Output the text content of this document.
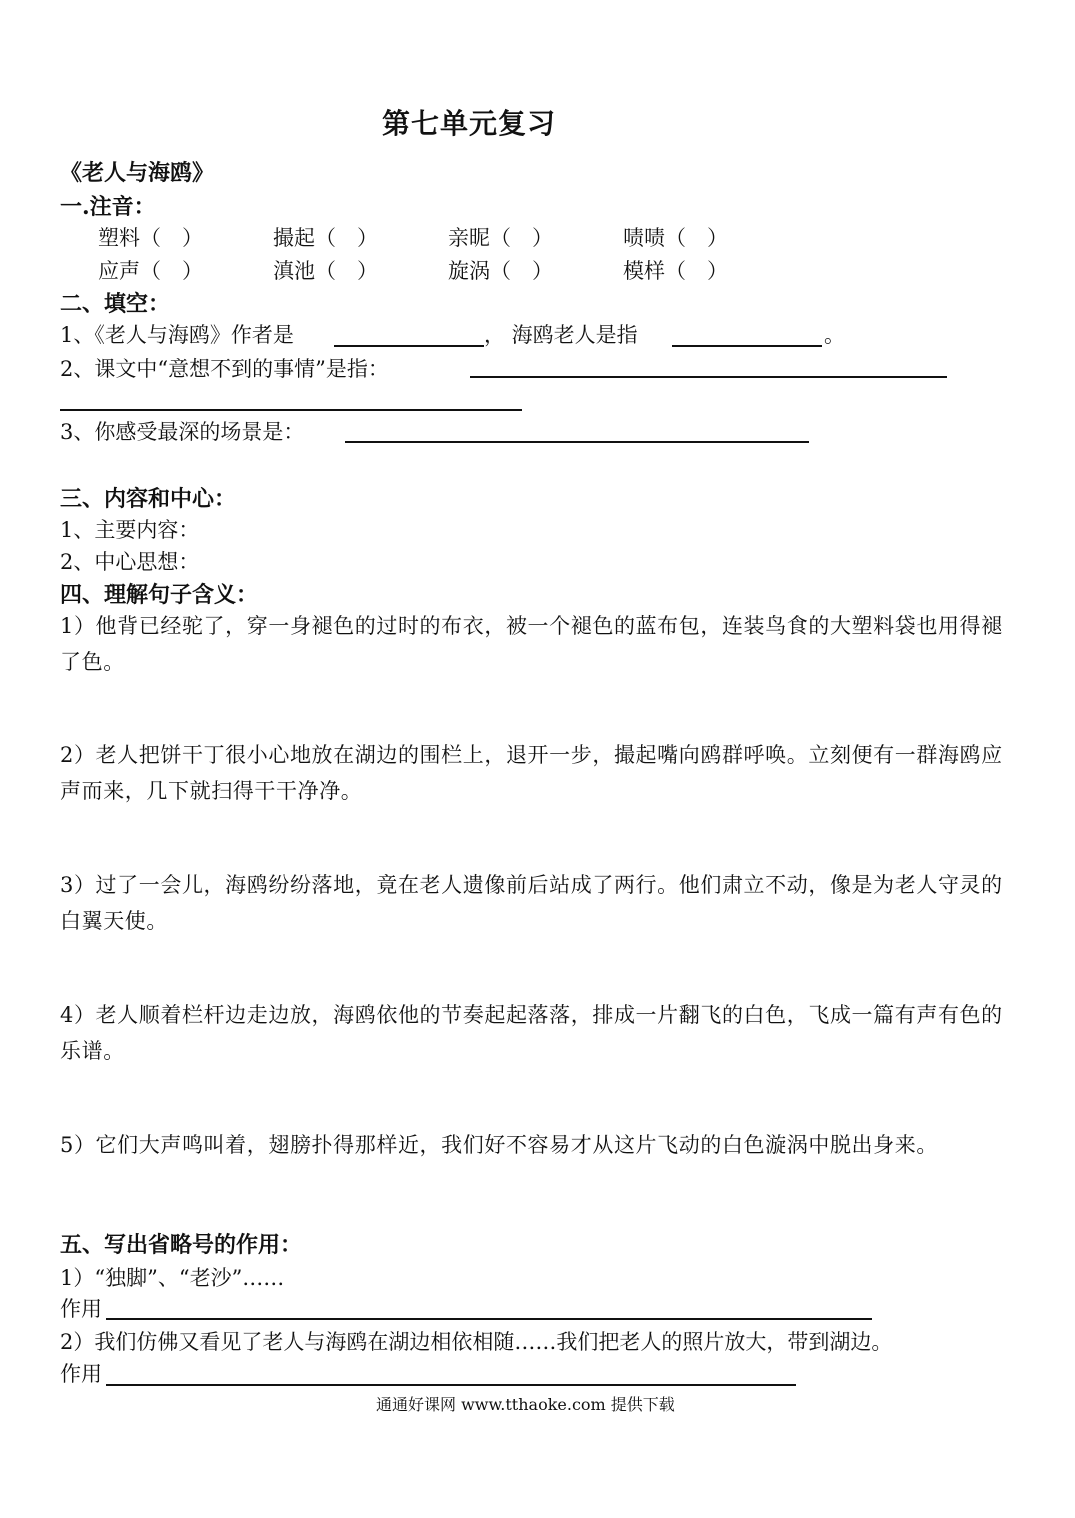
第七单元复习
《老人与海鸥》
一.注音：
塑料（　）	撮起（　）	亲昵（　）	啧啧（　）
应声（　）	滇池（　）	旋涡（　）	模样（　）
二、填空：
1、《老人与海鸥》作者是	， 海鸥老人是指	。
2、课文中“意想不到的事情”是指：
3、你感受最深的场景是：
三、内容和中心：
1、主要内容：
2、中心思想：
四、理解句子含义：
1）他背已经驼了，穿一身褪色的过时的布衣，被一个褪色的蓝布包，连装鸟食的大塑料袋也用得褪了色。
2）老人把饼干丁很小心地放在湖边的围栏上，退开一步，撮起嘴向鸥群呼唤。立刻便有一群海鸥应声而来，几下就扫得干干净净。
3）过了一会儿，海鸥纷纷落地，竟在老人遗像前后站成了两行。他们肃立不动，像是为老人守灵的白翼天使。
4）老人顺着栏杆边走边放，海鸥依他的节奏起起落落，排成一片翻飞的白色，飞成一篇有声有色的乐谱。
5）它们大声鸣叫着，翅膀扑得那样近，我们好不容易才从这片飞动的白色漩涡中脱出身来。
五、写出省略号的作用：
1）“独脚”、“老沙”……
作用
2）我们仿佛又看见了老人与海鸥在湖边相依相随……我们把老人的照片放大，带到湖边。
作用
通通好课网 www.tthaoke.com 提供下载
